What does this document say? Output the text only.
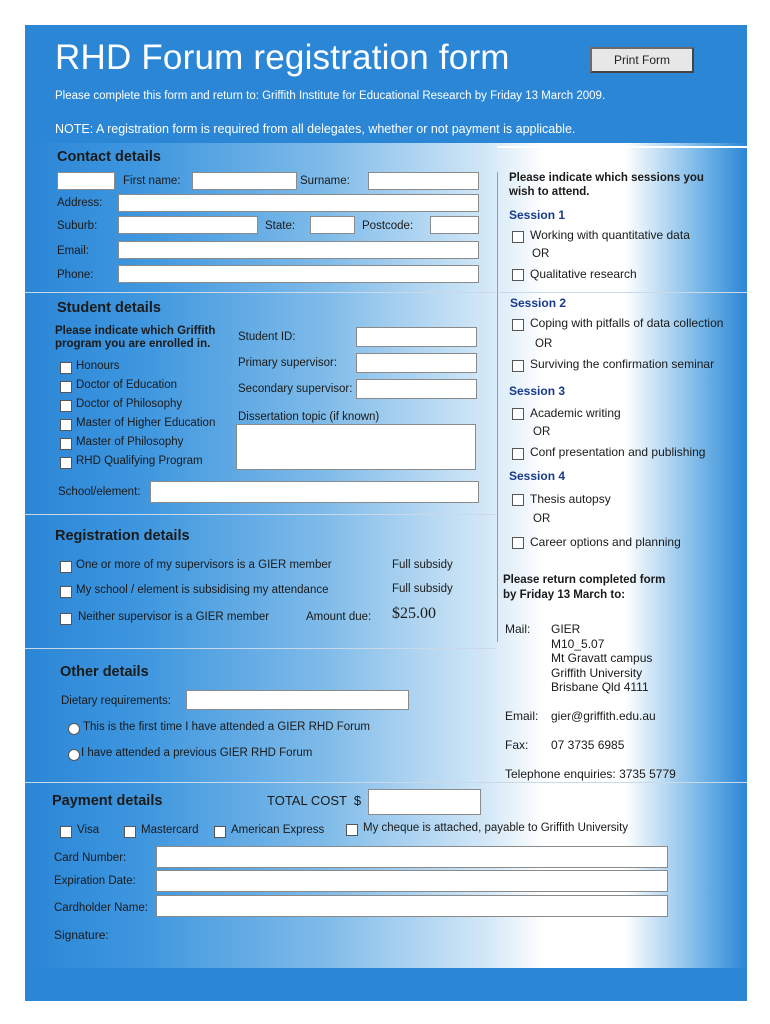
RHD Forum registration form	Print Form
Please complete this form and return to: Griffith Institute for Educational Research by Friday 13 March 2009.
NOTE: A registration form is required from all delegates, whether or not payment is applicable.
Contact details
First name:	Surname:
Address:
Suburb:	State:	Postcode:
Email:
Phone:
Student details
Please indicate which Griffith
program you are enrolled in.
Honours
Doctor of Education
Doctor of Philosophy
Master of Higher Education
Master of Philosophy
RHD Qualifying Program
Student ID:
Primary supervisor:
Secondary supervisor:
Dissertation topic (if known)
School/element:
Registration details
One or more of my supervisors is a GIER member	Full subsidy
My school / element is subsidising my attendance	Full subsidy
Neither supervisor is a GIER member	Amount due: $25.00
Other details
Dietary requirements:
This is the first time I have attended a GIER RHD Forum
I have attended a previous GIER RHD Forum
Payment details	TOTAL COST  $
Visa	Mastercard	American Express	My cheque is attached, payable to Griffith University
Card Number:
Expiration Date:
Cardholder Name:
Signature:
Please indicate which sessions you
wish to attend.
Session 1
Working with quantitative data
OR
Qualitative research
Session 2
Coping with pitfalls of data collection
OR
Surviving the confirmation seminar
Session 3
Academic writing
OR
Conf presentation and publishing
Session 4
Thesis autopsy
OR
Career options and planning
Please return completed form
by Friday 13 March to:
Mail: GIER
M10_5.07
Mt Gravatt campus
Griffith University
Brisbane Qld 4111
Email: gier@griffith.edu.au
Fax: 07 3735 6985
Telephone enquiries: 3735 5779
